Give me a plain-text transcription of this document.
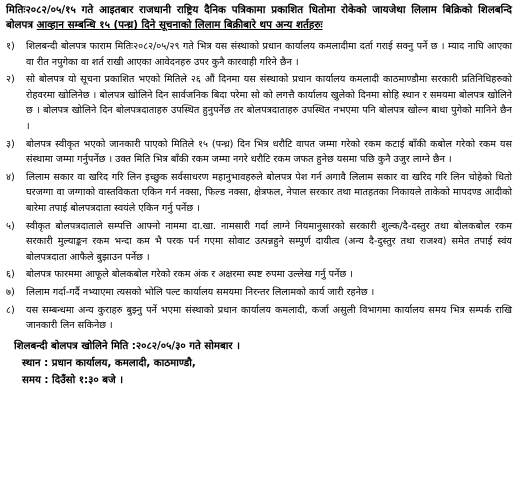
मितिः२०८२/०५/१५ गते आइतबार राजधानी राष्ट्रिय दैनिक पत्रिकामा प्रकाशित धितोमा रोकेको जायजेथा लिलाम बिक्रिको शिलबन्दि बोलपत्र आव्हान सम्बन्धि १५ (पन्ध्र) दिने सूचनाको लिलाम बिक्रीबारे थप अन्य शर्तहरुः
१) शिलबन्दी बोलपत्र फाराम मितिः२०८२/०५/२९ गते भित्र यस संस्थाको प्रधान कार्यालय कमलादीमा दर्ता गराई सक्नु पर्ने छ । म्याद नाघि आएका वा रीत नपुगेका वा शर्त राखी आएका आवेदनहरु उपर कुनै कारवाही गरिने छैन ।
२) सो बोलपत्र यो सूचना प्रकाशित भएको मितिले २६ औं दिनमा यस संस्थाको प्रधान कार्यालय कमलादी काठमाण्डौमा सरकारी प्रतिनिधिहरुको रोहवरमा खोलिनेछ । बोलपत्र खोलिने दिन सार्वजनिक बिदा परेमा सो को लगत्तै कार्यालय खुलेको दिनमा सोहि स्थान र समयमा बोलपत्र खोलिने छ । बोलपत्र खोलिने दिन बोलपत्रदाताहरु उपस्थित हुनुपर्नेछ तर बोलपत्रदाताहरु उपस्थित नभएमा पनि बोलपत्र खोल्न बाधा पुगेको मानिने छैन ।
३) बोलपत्र स्वीकृत भएको जानकारी पाएको मितिले १५ (पन्ध्र) दिन भित्र धरौटि वापत जम्मा गरेको रकम कटाई बाँकी कबोल गरेको रकम यस संस्थामा जम्मा गर्नुपर्नेछ । उक्त मिति भित्र बाँकी रकम जम्मा नगरे धरौटि रकम जफत हुनेछ यसमा पछि कुनै उजुर लाग्ने छैन ।
४) लिलाम सकार वा खरिद गरि लिन इच्छुक सर्वसाधरण महानुभावहरुले बोलपत्र पेश गर्न अगावै लिलाम सकार वा खरिद गरि लिन चोहेको धितो घरजग्गा वा जग्गाको वास्तविकता एकिन गर्न नक्सा, फिल्ड नक्सा, क्षेत्रफल, नेपाल सरकार तथा मातहतका निकायले ताकेको मापदण्ड आदीको बारेमा तपाई बोलपत्रदाता स्वयंले एकिन गर्नु पर्नेछ ।
५) स्वीकृत बोलपत्रदाताले सम्पत्ति आफ्नो नाममा दा.खा. नामसारी गर्दा लाग्ने नियमानुसारको सरकारी शुल्क/दै-दस्तुर तथा बोलकबोल रकम सरकारी मुल्याङ्कन रकम भन्दा कम भै परक पर्न गएमा सोवाट उत्पन्नहुने सम्पुर्ण दायीत्व (अन्य दै-दुस्तुर तथा राजश्व) समेत तपाई स्वंय बोलपत्रदाता आफैले बुझाउन पर्नेछ ।
६) बोलपत्र फारममा आफूले बोलकबोल गरेको रकम अंक र अक्षरमा स्पष्ट रुपमा उल्लेख गर्नु पर्नेछ ।
७) लिलाम गर्दा-गर्दै नभ्याएमा त्यसको भोलि पल्ट कार्यालय समयमा निरन्तर लिलामको कार्य जारी रहनेछ ।
८) यस सम्बन्धमा अन्य कुराहरु बुझ्नु पर्ने भएमा संस्थाको प्रधान कार्यालय कमलादी, कर्जा असुली विभागमा कार्यालय समय भित्र सम्पर्क राखि जानकारी लिन सकिनेछ ।
शिलबन्दी बोलपत्र खोलिने मिति :२०८२/०५/३० गते सोमबार ।
स्थान : प्रधान कार्यालय, कमलादी, काठमाण्डौ,
समय : दिउँसो १:३० बजे ।
